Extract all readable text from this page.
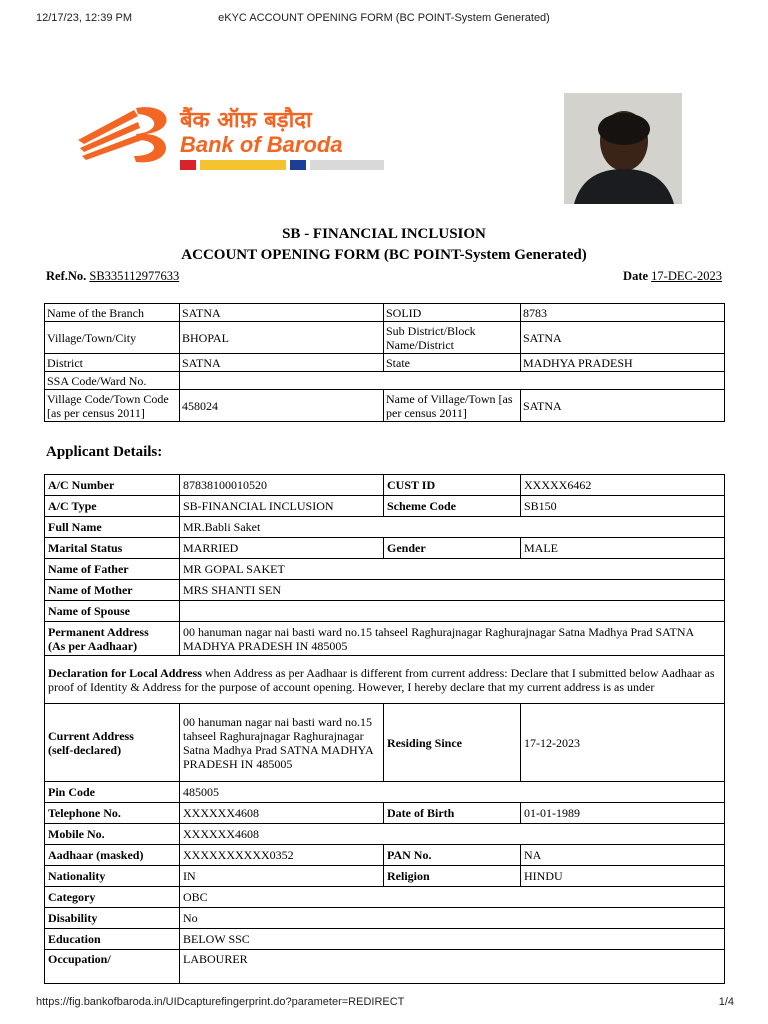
12/17/23, 12:39 PM	eKYC ACCOUNT OPENING FORM (BC POINT-System Generated)
बैंक ऑफ़ बड़ौदा
Bank of Baroda
SB - FINANCIAL INCLUSION
ACCOUNT OPENING FORM (BC POINT-System Generated)
Ref.No. SB335112977633	Date 17-DEC-2023
Name of the Branch	SATNA	SOLID	8783
Village/Town/City	BHOPAL	Sub District/Block Name/District	SATNA
District	SATNA	State	MADHYA PRADESH
SSA Code/Ward No.			
Village Code/Town Code [as per census 2011]	458024	Name of Village/Town [as per census 2011]	SATNA
Applicant Details:
A/C Number	87838100010520	CUST ID	XXXXX6462
A/C Type	SB-FINANCIAL INCLUSION	Scheme Code	SB150
Full Name	MR.Babli Saket		
Marital Status	MARRIED	Gender	MALE
Name of Father	MR GOPAL SAKET		
Name of Mother	MRS SHANTI SEN		
Name of Spouse			
Permanent Address
(As per Aadhaar)	00 hanuman nagar nai basti ward no.15 tahseel Raghurajnagar Raghurajnagar Satna Madhya Prad SATNA MADHYA PRADESH IN 485005		
Declaration for Local Address when Address as per Aadhaar is different from current address: Declare that I submitted below Aadhaar as proof of Identity & Address for the purpose of account opening. However, I hereby declare that my current address is as under			
Current Address
(self-declared)	00 hanuman nagar nai basti ward no.15 tahseel Raghurajnagar Raghurajnagar Satna Madhya Prad SATNA MADHYA PRADESH IN 485005	Residing Since	17-12-2023
Pin Code	485005		
Telephone No.	XXXXXX4608	Date of Birth	01-01-1989
Mobile No.	XXXXXX4608		
Aadhaar (masked)	XXXXXXXXXX0352	PAN No.	NA
Nationality	IN	Religion	HINDU
Category	OBC		
Disability	No		
Education	BELOW SSC		
Occupation/	LABOURER		
https://fig.bankofbaroda.in/UIDcapturefingerprint.do?parameter=REDIRECT	1/4
